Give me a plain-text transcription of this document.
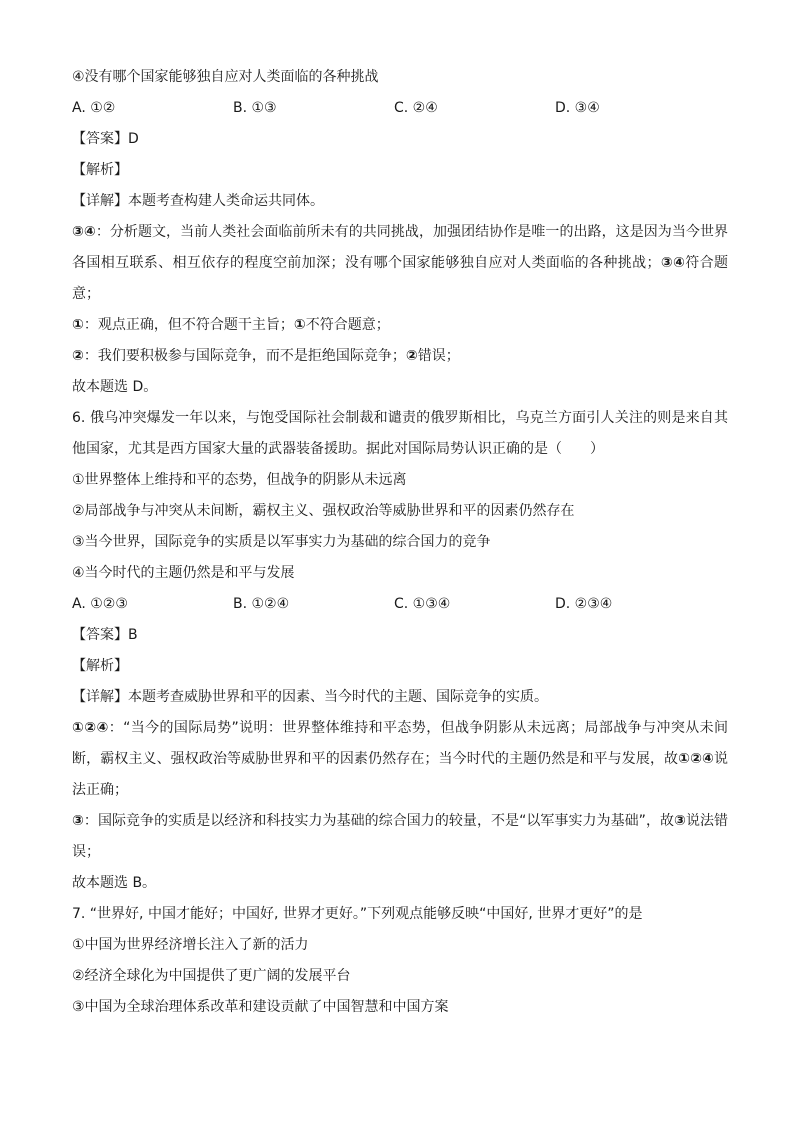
④没有哪个国家能够独自应对人类面临的各种挑战
A. ①②	B. ①③	C. ②④	D. ③④
【答案】D
【解析】
【详解】本题考查构建人类命运共同体。
③④：分析题文，当前人类社会面临前所未有的共同挑战，加强团结协作是唯一的出路，这是因为当今世界各国相互联系、相互依存的程度空前加深；没有哪个国家能够独自应对人类面临的各种挑战；③④符合题意；
①：观点正确，但不符合题干主旨；①不符合题意；
②：我们要积极参与国际竞争，而不是拒绝国际竞争；②错误；
故本题选 D。
6. 俄乌冲突爆发一年以来，与饱受国际社会制裁和谴责的俄罗斯相比，乌克兰方面引人关注的则是来自其他国家，尤其是西方国家大量的武器装备援助。据此对国际局势认识正确的是（　　）
①世界整体上维持和平的态势，但战争的阴影从未远离
②局部战争与冲突从未间断，霸权主义、强权政治等威胁世界和平的因素仍然存在
③当今世界，国际竞争的实质是以军事实力为基础的综合国力的竞争
④当今时代的主题仍然是和平与发展
A. ①②③	B. ①②④	C. ①③④	D. ②③④
【答案】B
【解析】
【详解】本题考查威胁世界和平的因素、当今时代的主题、国际竞争的实质。
①②④：“当今的国际局势”说明：世界整体维持和平态势，但战争阴影从未远离；局部战争与冲突从未间断，霸权主义、强权政治等威胁世界和平的因素仍然存在；当今时代的主题仍然是和平与发展，故①②④说法正确；
③：国际竞争的实质是以经济和科技实力为基础的综合国力的较量，不是“以军事实力为基础”，故③说法错误；
故本题选 B。
7. “世界好, 中国才能好；中国好, 世界才更好。”下列观点能够反映“中国好, 世界才更好”的是
①中国为世界经济增长注入了新的活力
②经济全球化为中国提供了更广阔的发展平台
③中国为全球治理体系改革和建设贡献了中国智慧和中国方案
